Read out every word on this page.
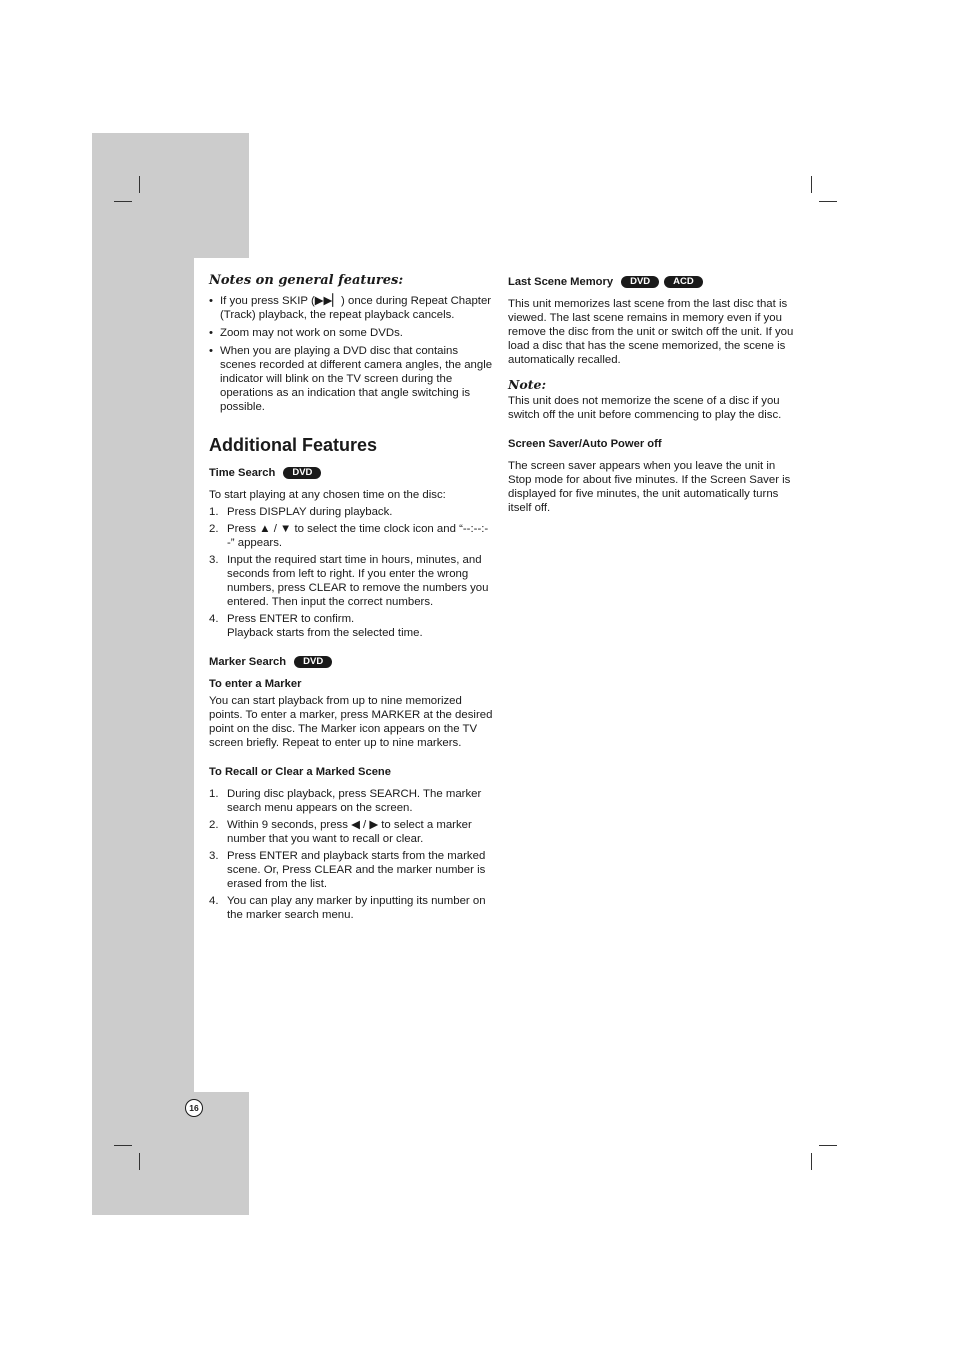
Notes on general features:
• If you press SKIP (▶▶▏) once during Repeat Chapter (Track) playback, the repeat playback cancels.
• Zoom may not work on some DVDs.
• When you are playing a DVD disc that contains scenes recorded at different camera angles, the angle indicator will blink on the TV screen during the operations as an indication that angle switching is possible.
Additional Features
Time Search	DVD

To start playing at any chosen time on the disc:

1. Press DISPLAY during playback.
2. Press ▲ / ▼ to select the time clock icon and “--:--:--” appears.
3. Input the required start time in hours, minutes, and seconds from left to right. If you enter the wrong numbers, press CLEAR to remove the numbers you entered. Then input the correct numbers.
4. Press ENTER to confirm.
Playback starts from the selected time.
Marker Search	DVD
To enter a Marker

You can start playback from up to nine memorized points. To enter a marker, press MARKER at the desired point on the disc. The Marker icon appears on the TV screen briefly. Repeat to enter up to nine markers.

To Recall or Clear a Marked Scene
1. During disc playback, press SEARCH. The marker search menu appears on the screen.
2. Within 9 seconds, press ◀ / ▶ to select a marker number that you want to recall or clear.
3. Press ENTER and playback starts from the marked scene. Or, Press CLEAR and the marker number is erased from the list.
4. You can play any marker by inputting its number on the marker search menu.
Last Scene Memory	DVD	ACD

This unit memorizes last scene from the last disc that is viewed. The last scene remains in memory even if you remove the disc from the unit or switch off the unit. If you load a disc that has the scene memorized, the scene is automatically recalled.

Note:

This unit does not memorize the scene of a disc if you switch off the unit before commencing to play the disc.

Screen Saver/Auto Power off

The screen saver appears when you leave the unit in Stop mode for about five minutes. If the Screen Saver is displayed for five minutes, the unit automatically turns itself off.

16
